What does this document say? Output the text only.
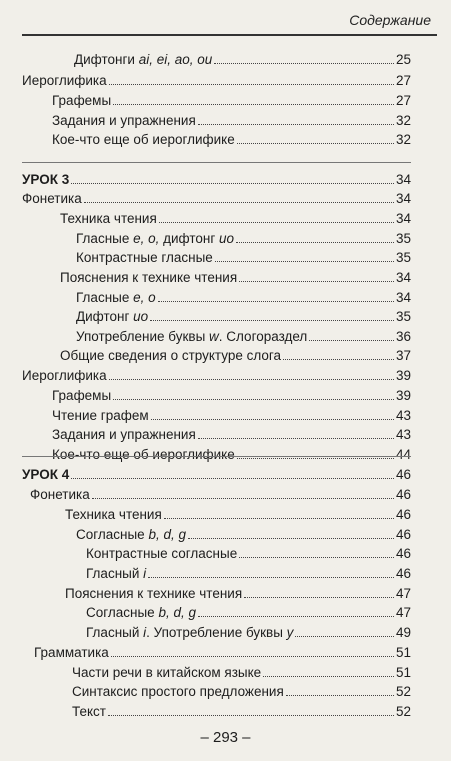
Содержание
Дифтонги ai, ei, ao, ou	25
Иероглифика	27
Графемы	27
Задания и упражнения	32
Кое-что еще об иероглифике	32
УРОК 3	34
Фонетика	34
Техника чтения	34
Гласные e, o, дифтонг uo	35
Контрастные гласные	35
Пояснения к технике чтения	34
Гласные e, o	34
Дифтонг uo	35
Употребление буквы w. Слогораздел	36
Общие сведения о структуре слога	37
Иероглифика	39
Графемы	39
Чтение графем	43
Задания и упражнения	43
Кое-что еще об иероглифике	44
УРОК 4	46
Фонетика	46
Техника чтения	46
Согласные b, d, g	46
Контрастные согласные	46
Гласный i	46
Пояснения к технике чтения	47
Согласные b, d, g	47
Гласный i. Употребление буквы y	49
Грамматика	51
Части речи в китайском языке	51
Синтаксис простого предложения	52
Текст	52
– 293 –
